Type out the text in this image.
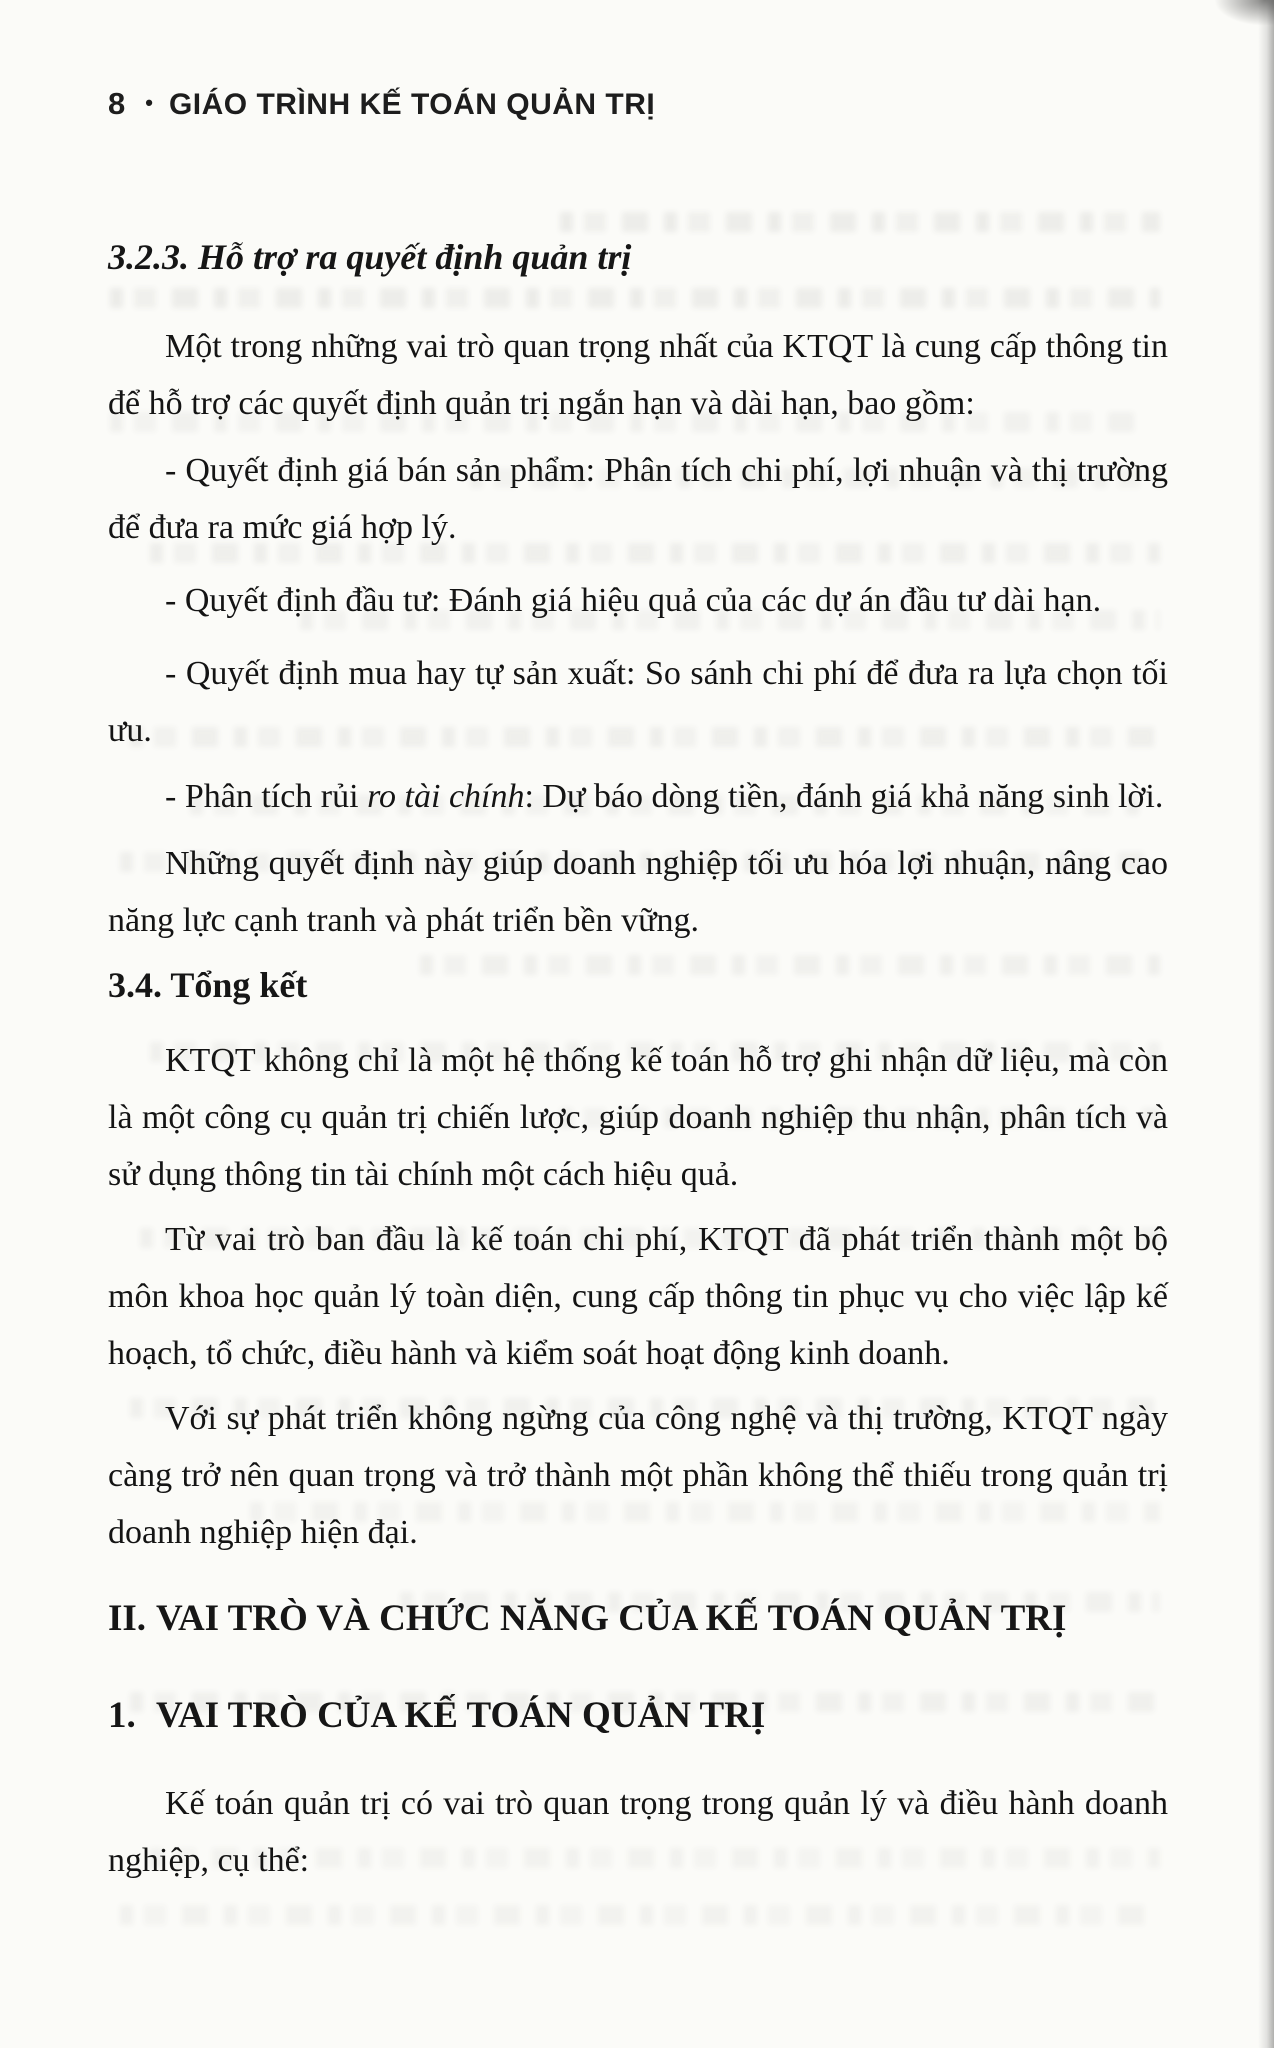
8 • GIÁO TRÌNH KẾ TOÁN QUẢN TRỊ
3.2.3. Hỗ trợ ra quyết định quản trị

Một trong những vai trò quan trọng nhất của KTQT là cung cấp thông tin để hỗ trợ các quyết định quản trị ngắn hạn và dài hạn, bao gồm:

- Quyết định giá bán sản phẩm: Phân tích chi phí, lợi nhuận và thị trường để đưa ra mức giá hợp lý.

- Quyết định đầu tư: Đánh giá hiệu quả của các dự án đầu tư dài hạn.

- Quyết định mua hay tự sản xuất: So sánh chi phí để đưa ra lựa chọn tối ưu.

- Phân tích rủi ro tài chính: Dự báo dòng tiền, đánh giá khả năng sinh lời.

Những quyết định này giúp doanh nghiệp tối ưu hóa lợi nhuận, nâng cao năng lực cạnh tranh và phát triển bền vững.

3.4. Tổng kết

KTQT không chỉ là một hệ thống kế toán hỗ trợ ghi nhận dữ liệu, mà còn là một công cụ quản trị chiến lược, giúp doanh nghiệp thu nhận, phân tích và sử dụng thông tin tài chính một cách hiệu quả.

Từ vai trò ban đầu là kế toán chi phí, KTQT đã phát triển thành một bộ môn khoa học quản lý toàn diện, cung cấp thông tin phục vụ cho việc lập kế hoạch, tổ chức, điều hành và kiểm soát hoạt động kinh doanh.

Với sự phát triển không ngừng của công nghệ và thị trường, KTQT ngày càng trở nên quan trọng và trở thành một phần không thể thiếu trong quản trị doanh nghiệp hiện đại.

II. VAI TRÒ VÀ CHỨC NĂNG CỦA KẾ TOÁN QUẢN TRỊ
1. VAI TRÒ CỦA KẾ TOÁN QUẢN TRỊ

Kế toán quản trị có vai trò quan trọng trong quản lý và điều hành doanh nghiệp, cụ thể:
